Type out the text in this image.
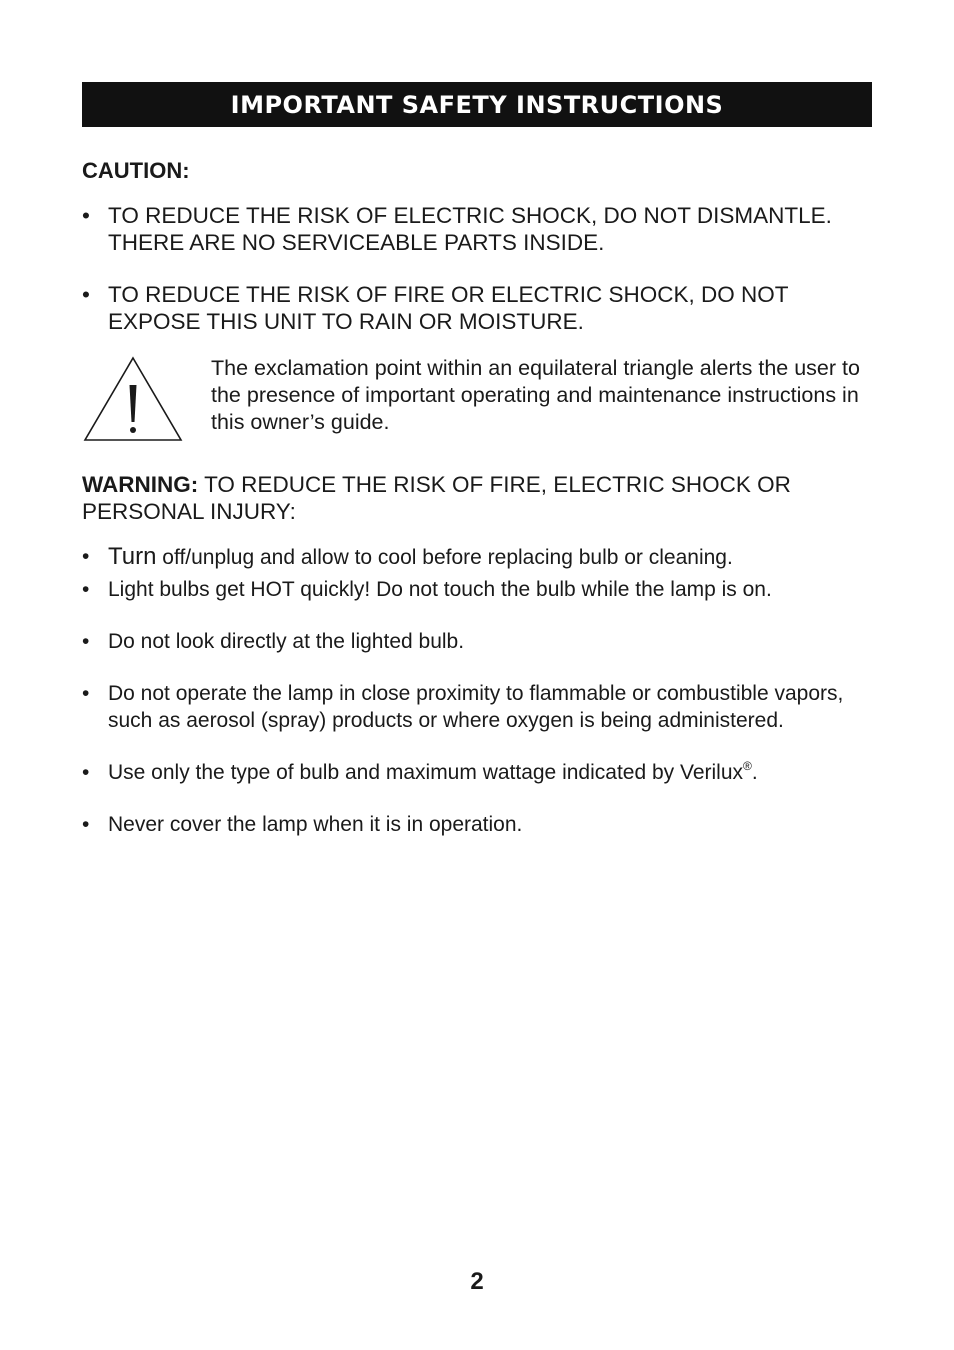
IMPORTANT SAFETY INSTRUCTIONS
CAUTION:
• TO REDUCE THE RISK OF ELECTRIC SHOCK, DO NOT DISMANTLE. THERE ARE NO SERVICEABLE PARTS INSIDE.
• TO REDUCE THE RISK OF FIRE OR ELECTRIC SHOCK, DO NOT EXPOSE THIS UNIT TO RAIN OR MOISTURE.
The exclamation point within an equilateral triangle alerts the user to the presence of important operating and maintenance instructions in this owner’s guide.
WARNING: TO REDUCE THE RISK OF FIRE, ELECTRIC SHOCK OR PERSONAL INJURY:
• Turn off/unplug and allow to cool before replacing bulb or cleaning.
• Light bulbs get HOT quickly! Do not touch the bulb while the lamp is on.
• Do not look directly at the lighted bulb.
• Do not operate the lamp in close proximity to flammable or combustible vapors, such as aerosol (spray) products or where oxygen is being administered.
• Use only the type of bulb and maximum wattage indicated by Verilux®.
• Never cover the lamp when it is in operation.
2
